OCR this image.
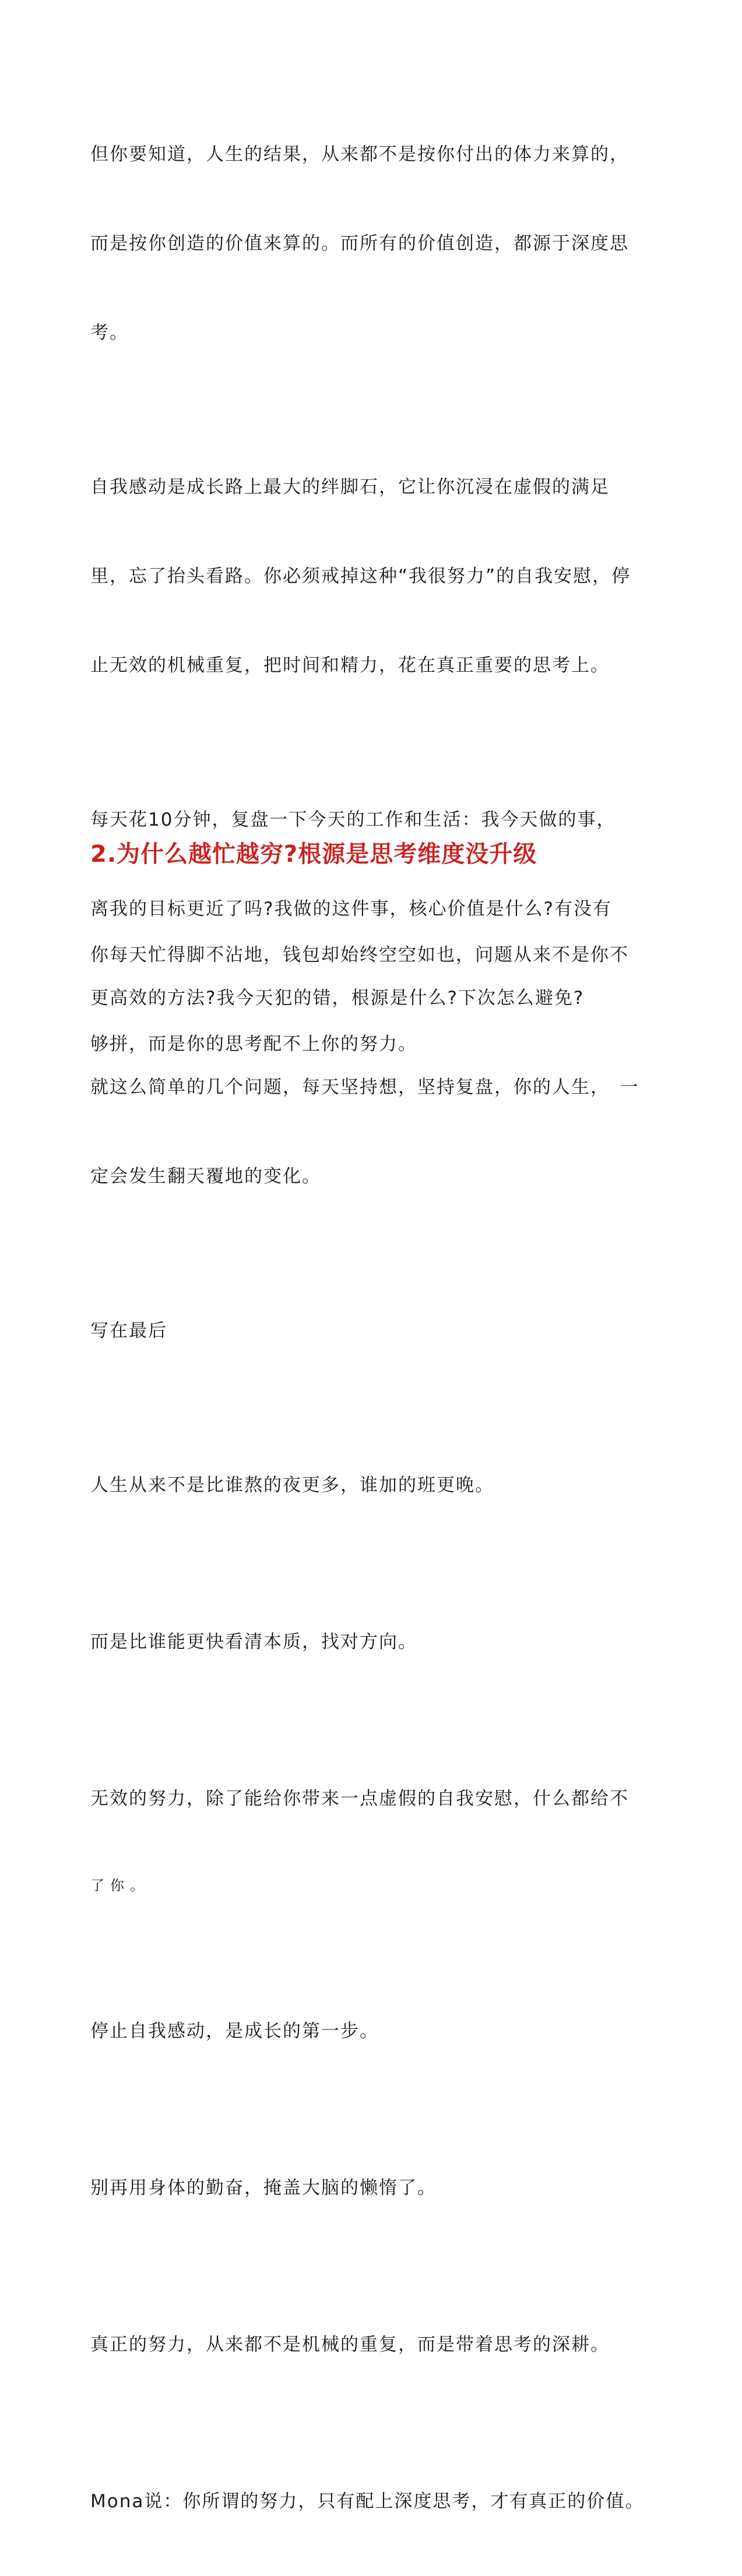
但你要知道，人生的结果，从来都不是按你付出的体力来算的，

而是按你创造的价值来算的。而所有的价值创造，都源于深度思

考。

自我感动是成长路上最大的绊脚石，它让你沉浸在虚假的满足

里，忘了抬头看路。你必须戒掉这种“我很努力”的自我安慰，停

止无效的机械重复，把时间和精力，花在真正重要的思考上。

每天花10分钟，复盘一下今天的工作和生活：我今天做的事，

离我的目标更近了吗?我做的这件事，核心价值是什么?有没有

更高效的方法?我今天犯的错，根源是什么?下次怎么避免?

就这么简单的几个问题，每天坚持想，坚持复盘，你的人生，　一

定会发生翻天覆地的变化。

写在最后

人生从来不是比谁熬的夜更多，谁加的班更晚。

而是比谁能更快看清本质，找对方向。

无效的努力，除了能给你带来一点虚假的自我安慰，什么都给不

了你。

停止自我感动，是成长的第一步。

别再用身体的勤奋，掩盖大脑的懒惰了。

真正的努力，从来都不是机械的重复，而是带着思考的深耕。

Mona说：你所谓的努力，只有配上深度思考，才有真正的价值。

2.为什么越忙越穷?根源是思考维度没升级

你每天忙得脚不沾地，钱包却始终空空如也，问题从来不是你不

够拼，而是你的思考配不上你的努力。
